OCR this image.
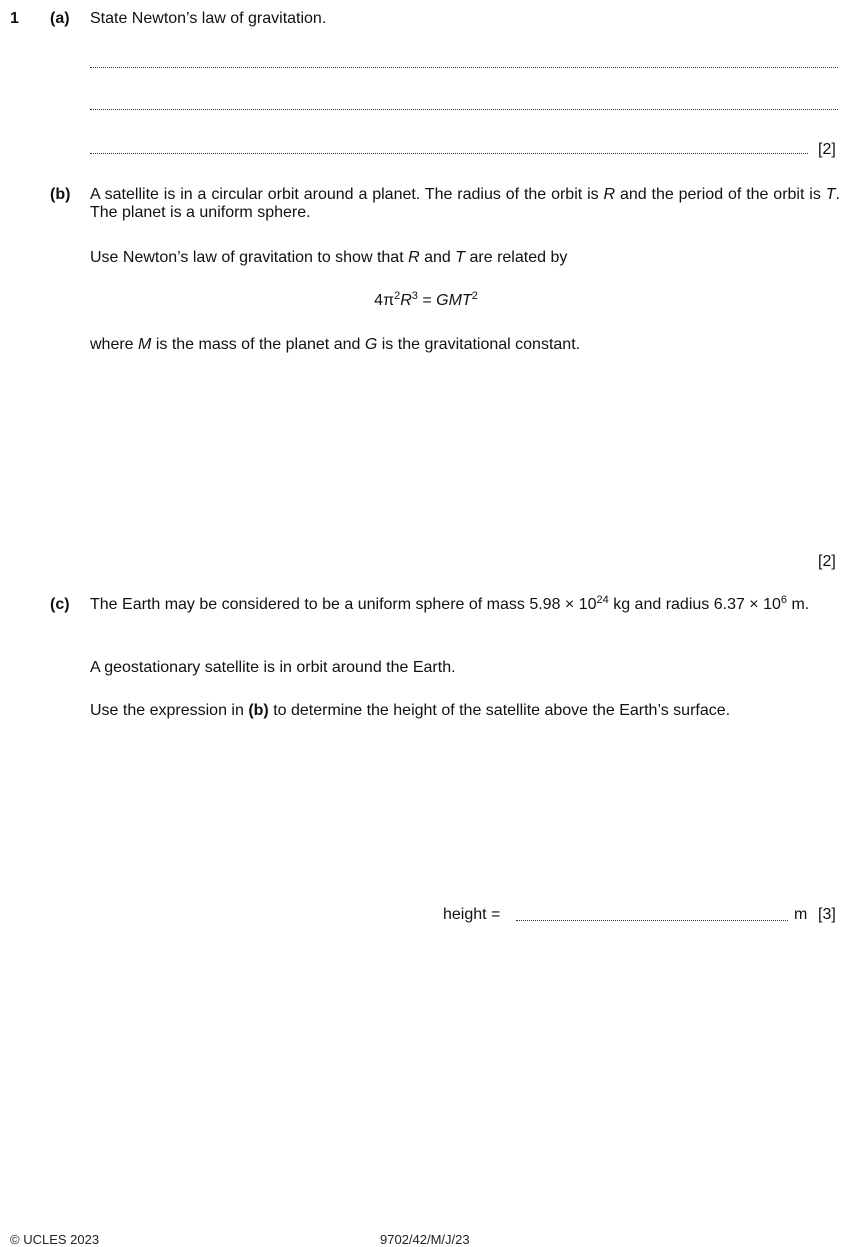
1 (a) State Newton’s law of gravitation.
[2]
(b) A satellite is in a circular orbit around a planet. The radius of the orbit is R and the period of the orbit is T. The planet is a uniform sphere.
Use Newton’s law of gravitation to show that R and T are related by
$4\pi^2R^3 = GMT^2$
where M is the mass of the planet and G is the gravitational constant.
[2]
(c) The Earth may be considered to be a uniform sphere of mass $5.98 \times 10^{24}$ kg and radius $6.37 \times 10^6$ m.
A geostationary satellite is in orbit around the Earth.
Use the expression in (b) to determine the height of the satellite above the Earth’s surface.
height =	m [3]
© UCLES 2023	9702/42/M/J/23
